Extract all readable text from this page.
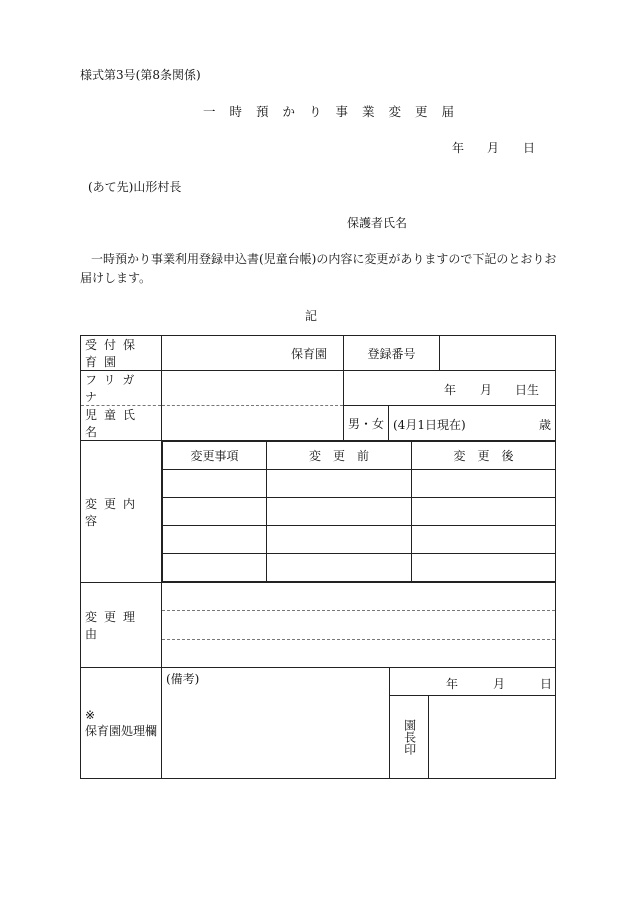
様式第3号(第8条関係)
一時預かり事業変更届
年 月 日
(あて先)山形村長
保護者氏名
一時預かり事業利用登録申込書(児童台帳)の内容に変更がありますので下記のとおりお
届けします。
記
受付保育園	保育園	登録番号	
フリガナ		年 月 日生

児童氏名		男・女	(4月1日現在)	歳

変更内容	
変更事項	変　更　前	変　更　後

変更理由	

※
保育園処理欄

(備考)	年	月	日
園長印
